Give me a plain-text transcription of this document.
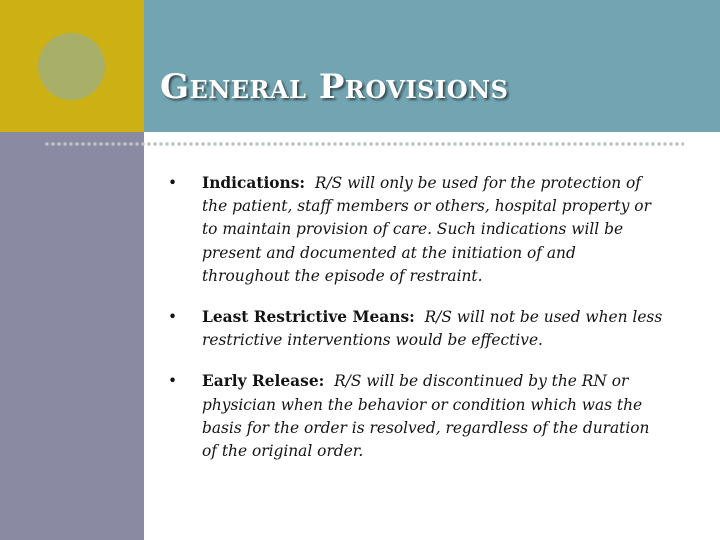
General Provisions
• Indications: R/S will only be used for the protection of the patient, staff members or others, hospital property or to maintain provision of care. Such indications will be present and documented at the initiation of and throughout the episode of restraint.
• Least Restrictive Means: R/S will not be used when less restrictive interventions would be effective.
• Early Release: R/S will be discontinued by the RN or physician when the behavior or condition which was the basis for the order is resolved, regardless of the duration of the original order.
